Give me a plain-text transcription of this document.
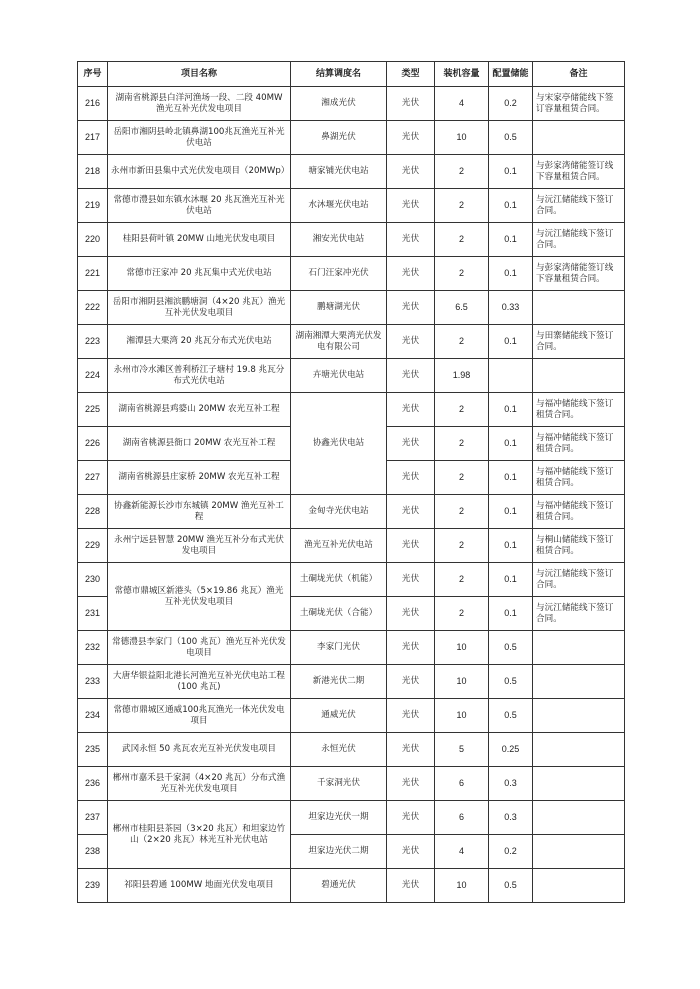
序号	项目名称	结算调度名	类型	装机容量	配置储能	备注
216	湖南省桃源县白洋河渔场一段、二段 40MW 渔光互补光伏发电项目	湘成光伏	光伏	4	0.2	与宋家亭储能线下签订容量租赁合同。
217	岳阳市湘阴县岭北镇鼻湖100兆瓦渔光互补光伏电站	鼻湖光伏	光伏	10	0.5	
218	永州市新田县集中式光伏发电项目（20MWp）	塘家铺光伏电站	光伏	2	0.1	与彭家湾储能签订线下容量租赁合同。
219	常德市澧县如东镇水沐堰 20 兆瓦渔光互补光伏电站	水沐堰光伏电站	光伏	2	0.1	与沅江储能线下签订合同。
220	桂阳县荷叶镇 20MW 山地光伏发电项目	湘安光伏电站	光伏	2	0.1	与沅江储能线下签订合同。
221	常德市汪家冲 20 兆瓦集中式光伏电站	石门汪家冲光伏	光伏	2	0.1	与彭家湾储能签订线下容量租赁合同。
222	岳阳市湘阴县湘滨鹏塘洞（4×20 兆瓦）渔光互补光伏发电项目	鹏塘湖光伏	光伏	6.5	0.33	
223	湘潭县大栗湾 20 兆瓦分布式光伏电站	湖南湘潭大栗湾光伏发电有限公司	光伏	2	0.1	与田寨储能线下签订合同。
224	永州市冷水滩区普利桥江子塘村 19.8 兆瓦分布式光伏电站	卉塘光伏电站	光伏	1.98		
225	湖南省桃源县鸡婆山 20MW 农光互补工程	协鑫光伏电站	光伏	2	0.1	与福冲储能线下签订租赁合同。
226	湖南省桃源县衙口 20MW 农光互补工程		光伏	2	0.1	与福冲储能线下签订租赁合同。
227	湖南省桃源县庄家桥 20MW 农光互补工程		光伏	2	0.1	与福冲储能线下签订租赁合同。
228	协鑫新能源长沙市东城镇 20MW 渔光互补工程	金甸寺光伏电站	光伏	2	0.1	与福冲储能线下签订租赁合同。
229	永州宁远县智慧 20MW 渔光互补分布式光伏发电项目	渔光互补光伏电站	光伏	2	0.1	与桐山储能线下签订租赁合同。
230	常德市鼎城区新港头（5×19.86 兆瓦）渔光互补光伏发电项目	土硐垅光伏（机能）	光伏	2	0.1	与沅江储能线下签订合同。
231		土硐垅光伏（合能）	光伏	2	0.1	与沅江储能线下签订合同。
232	常德澧县李家门（100 兆瓦）渔光互补光伏发电项目	李家门光伏	光伏	10	0.5	
233	大唐华银益阳北港长河渔光互补光伏电站工程(100 兆瓦)	新港光伏二期	光伏	10	0.5	
234	常德市鼎城区通威100兆瓦渔光一体光伏发电项目	通威光伏	光伏	10	0.5	
235	武冈永恒 50 兆瓦农光互补光伏发电项目	永恒光伏	光伏	5	0.25	
236	郴州市嘉禾县千家洞（4×20 兆瓦）分布式渔光互补光伏发电项目	千家洞光伏	光伏	6	0.3	
237	郴州市桂阳县茶园（3×20 兆瓦）和坦家边竹山（2×20 兆瓦）林光互补光伏电站	坦家边光伏一期	光伏	6	0.3	
238		坦家边光伏二期	光伏	4	0.2	
239	祁阳县碧通 100MW 地面光伏发电项目	碧通光伏	光伏	10	0.5	
